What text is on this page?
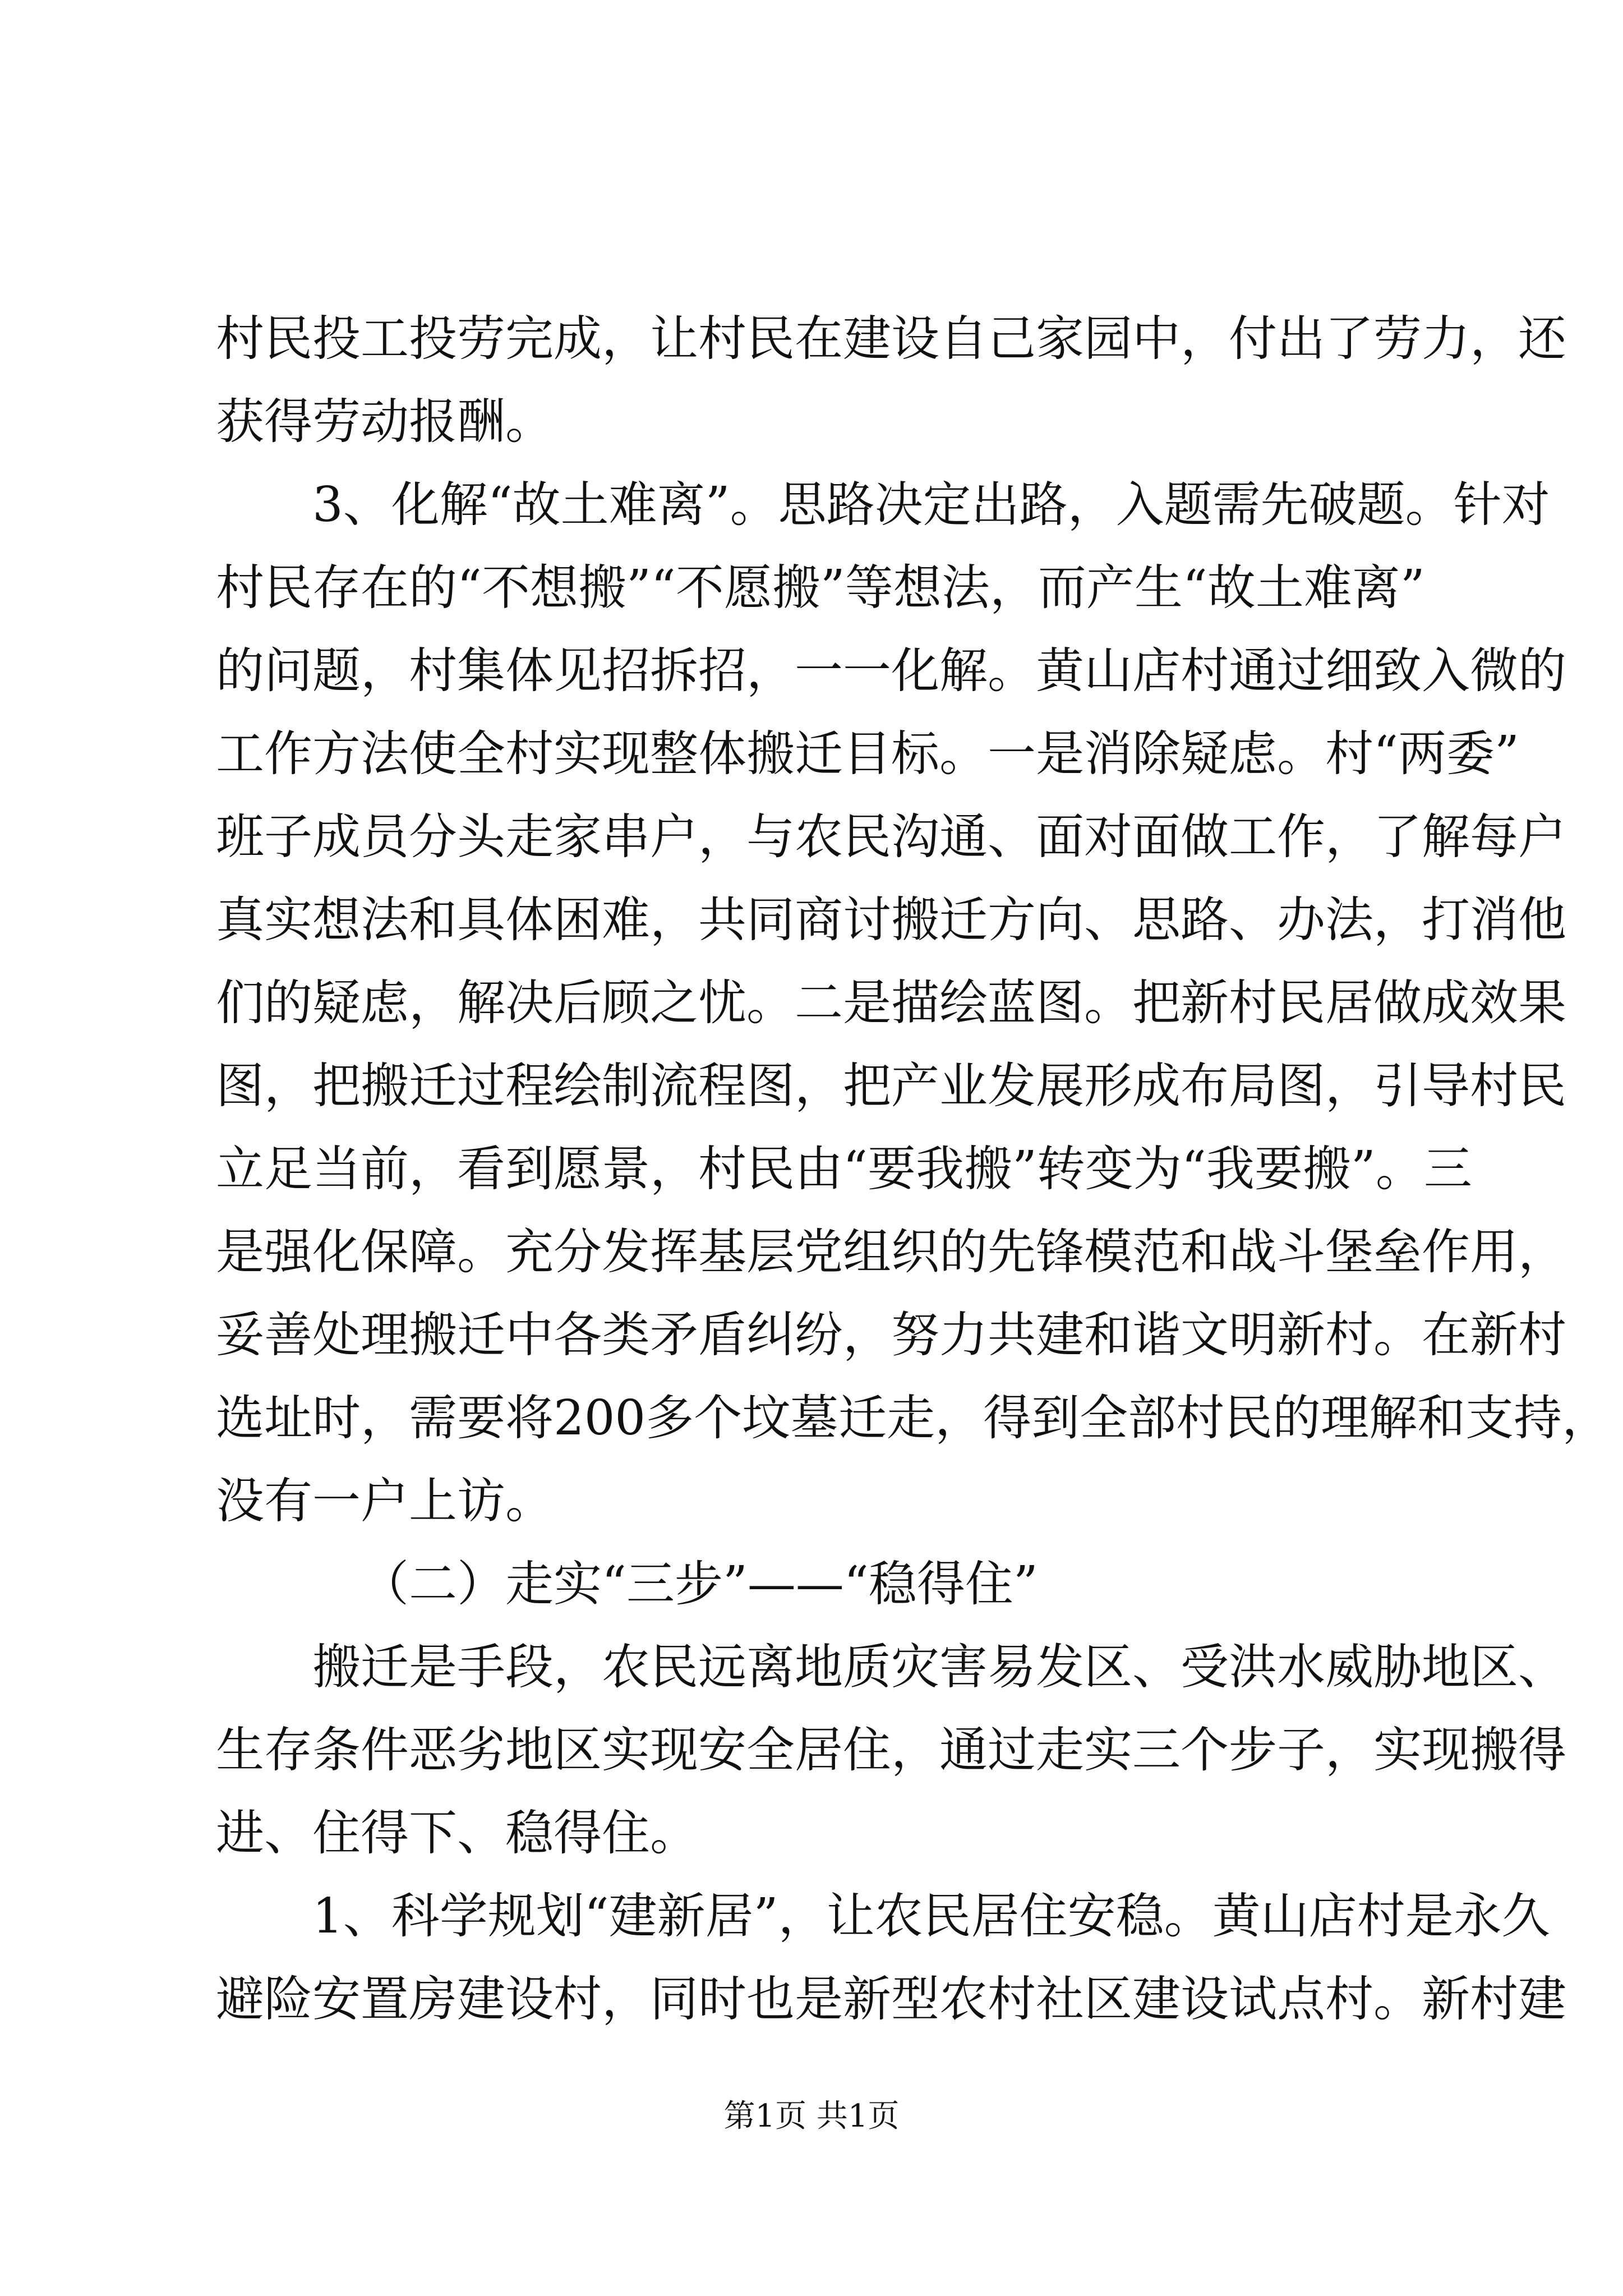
村民投工投劳完成，让村民在建设自己家园中，付出了劳力，还
获得劳动报酬。
3、化解“故土难离”。思路决定出路，入题需先破题。针对
村民存在的“不想搬”“不愿搬”等想法，而产生“故土难离”
的问题，村集体见招拆招，一一化解。黄山店村通过细致入微的
工作方法使全村实现整体搬迁目标。一是消除疑虑。村“两委”
班子成员分头走家串户，与农民沟通、面对面做工作，了解每户
真实想法和具体困难，共同商讨搬迁方向、思路、办法，打消他
们的疑虑，解决后顾之忧。二是描绘蓝图。把新村民居做成效果
图，把搬迁过程绘制流程图，把产业发展形成布局图，引导村民
立足当前，看到愿景，村民由“要我搬”转变为“我要搬”。三
是强化保障。充分发挥基层党组织的先锋模范和战斗堡垒作用，
妥善处理搬迁中各类矛盾纠纷，努力共建和谐文明新村。在新村
选址时，需要将200多个坟墓迁走，得到全部村民的理解和支持，
没有一户上访。
（二）走实“三步”——“稳得住”
搬迁是手段，农民远离地质灾害易发区、受洪水威胁地区、
生存条件恶劣地区实现安全居住，通过走实三个步子，实现搬得
进、住得下、稳得住。
1、科学规划“建新居”，让农民居住安稳。黄山店村是永久
避险安置房建设村，同时也是新型农村社区建设试点村。新村建
第1页 共1页
